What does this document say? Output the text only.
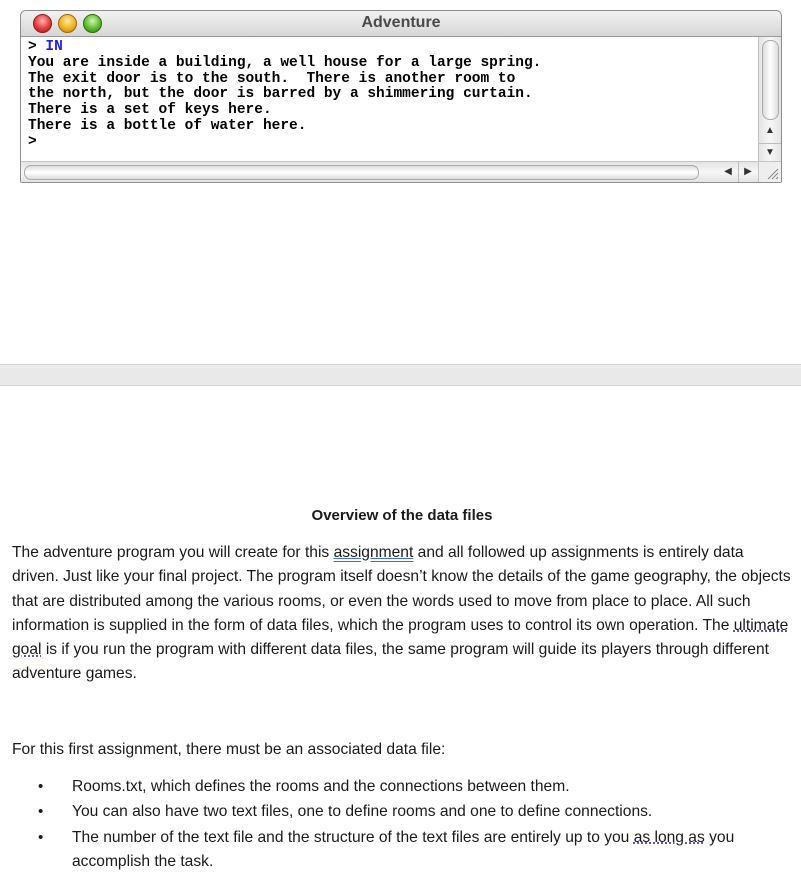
Adventure
> IN
You are inside a building, a well house for a large spring.
The exit door is to the south.  There is another room to
the north, but the door is barred by a shimmering curtain.
There is a set of keys here.
There is a bottle of water here.
>
▲
▼
◀	▶
Overview of the data files

The adventure program you will create for this assignment and all followed up assignments is entirely data driven. Just like your final project. The program itself doesn’t know the details of the game geography, the objects that are distributed among the various rooms, or even the words used to move from place to place. All such information is supplied in the form of data files, which the program uses to control its own operation. The ultimate goal is if you run the program with different data files, the same program will guide its players through different adventure games.

For this first assignment, there must be an associated data file:

• Rooms.txt, which defines the rooms and the connections between them.
• You can also have two text files, one to define rooms and one to define connections.
• The number of the text file and the structure of the text files are entirely up to you as long as you accomplish the task.
